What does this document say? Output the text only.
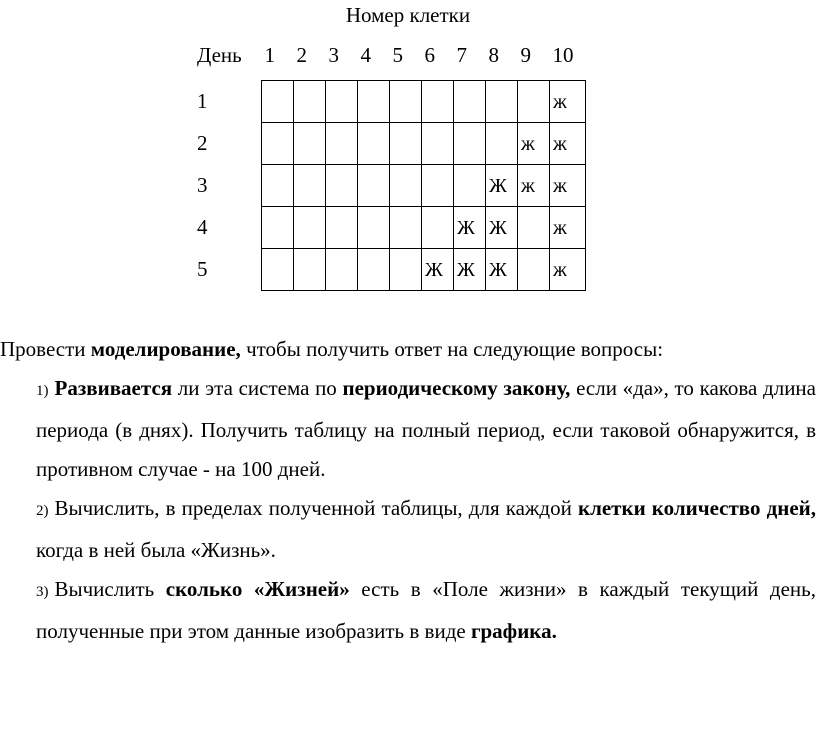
Номер клетки
День	1	2	3	4	5	6	7	8	9	10
1										ж
2									ж	ж
3								Ж	ж	ж
4							Ж	Ж		ж
5						Ж	Ж	Ж		ж

Провести моделирование, чтобы получить ответ на следующие вопросы:

1) Развивается ли эта система по периодическому закону, если «да», то какова длина периода (в днях). Получить таблицу на полный период, если таковой обнаружится, в противном случае - на 100 дней.

2) Вычислить, в пределах полученной таблицы, для каждой клетки количество дней, когда в ней была «Жизнь».

3) Вычислить сколько «Жизней» есть в «Поле жизни» в каждый текущий день, полученные при этом данные изобразить в виде графика.
